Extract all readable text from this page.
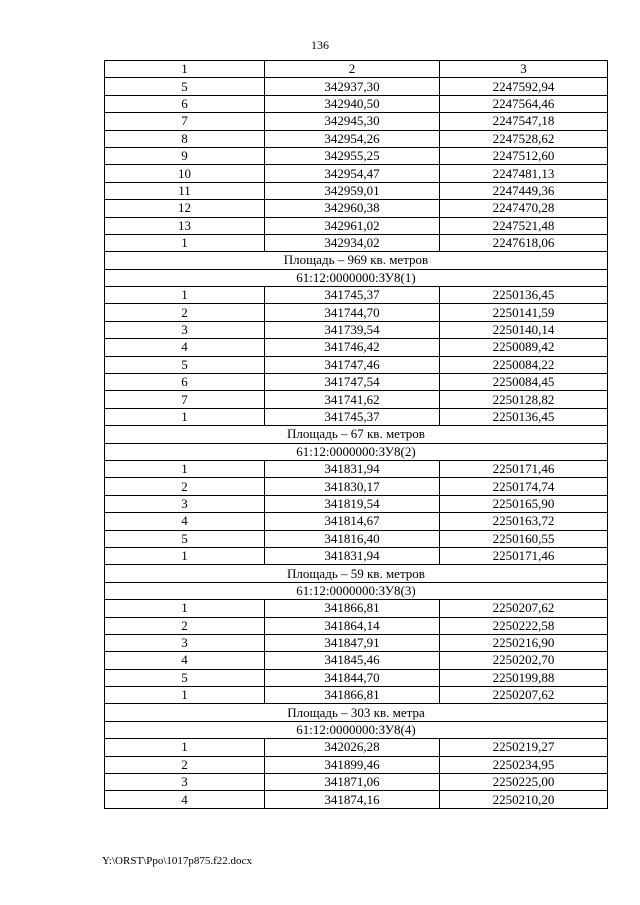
136
1	2	3
5	342937,30	2247592,94
6	342940,50	2247564,46
7	342945,30	2247547,18
8	342954,26	2247528,62
9	342955,25	2247512,60
10	342954,47	2247481,13
11	342959,01	2247449,36
12	342960,38	2247470,28
13	342961,02	2247521,48
1	342934,02	2247618,06
Площадь – 969 кв. метров		
61:12:0000000:ЗУ8(1)		
1	341745,37	2250136,45
2	341744,70	2250141,59
3	341739,54	2250140,14
4	341746,42	2250089,42
5	341747,46	2250084,22
6	341747,54	2250084,45
7	341741,62	2250128,82
1	341745,37	2250136,45
Площадь – 67 кв. метров		
61:12:0000000:ЗУ8(2)		
1	341831,94	2250171,46
2	341830,17	2250174,74
3	341819,54	2250165,90
4	341814,67	2250163,72
5	341816,40	2250160,55
1	341831,94	2250171,46
Площадь – 59 кв. метров		
61:12:0000000:ЗУ8(3)		
1	341866,81	2250207,62
2	341864,14	2250222,58
3	341847,91	2250216,90
4	341845,46	2250202,70
5	341844,70	2250199,88
1	341866,81	2250207,62
Площадь – 303 кв. метра		
61:12:0000000:ЗУ8(4)		
1	342026,28	2250219,27
2	341899,46	2250234,95
3	341871,06	2250225,00
4	341874,16	2250210,20
Y:\ORST\Ppo\1017p875.f22.docx
